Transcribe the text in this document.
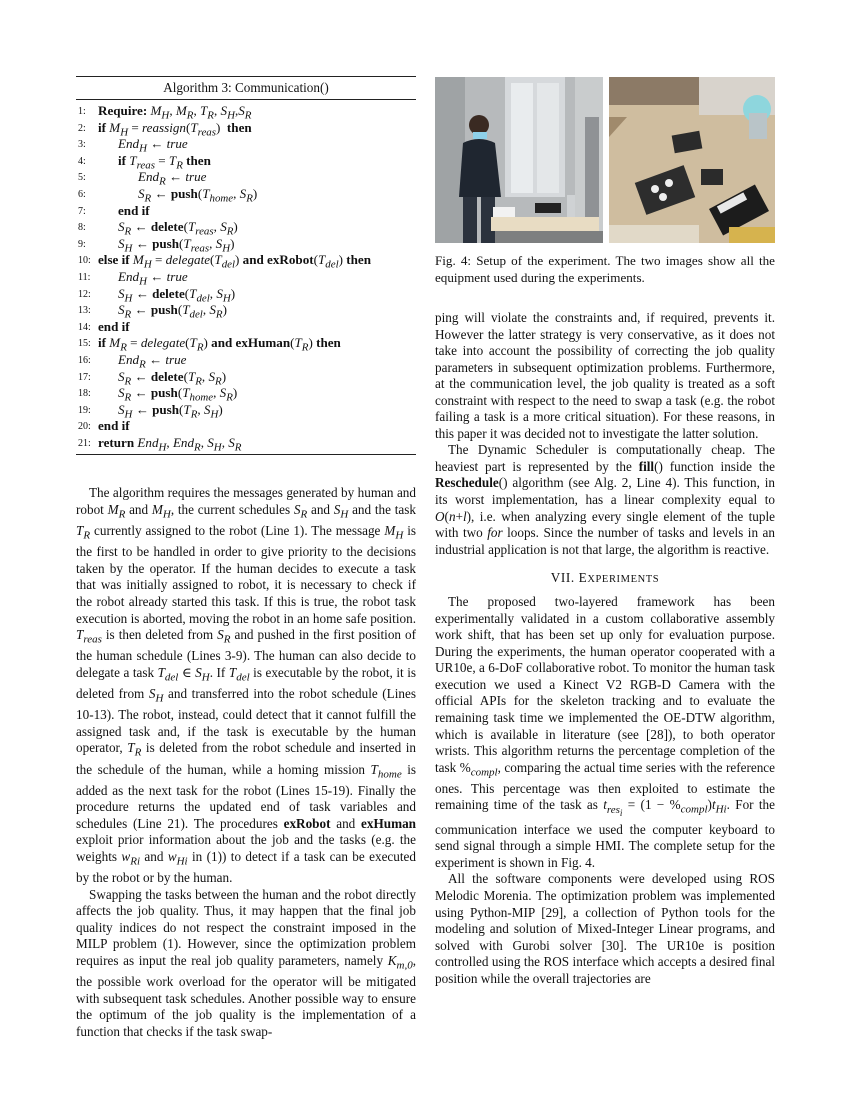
Algorithm 3: Communication()
1: Require: $M_H$, $M_R$, $T_R$, $S_H,S_R$
2: if $M_H$ = $reassign(T_{reas})$  then
3:	End$_H$ ← true
4:	if $T_{reas} = T_R$ then
5:	End$_R$ ← true
6:	$S_R$ ← $push(T_{home}$, $S_R$)
7:	end if
8:	$S_R$ ← $delete(T_{reas}$, $S_R$)
9:	$S_H$ ← $push(T_{reas}$, $S_H$)
10: else if $M_H$ = $delegate(T_{del})$ and $exRobot(T_{del})$ then
11:	End$_H$ ← true
12:	$S_H$ ← $delete(T_{del}$, $S_H$)
13:	$S_R$ ← $push(T_{del}$, $S_R$)
14: end if
15: if $M_R$ = $delegate(T_R)$ and $exHuman(T_R)$ then
16:	End$_R$ ← true
17:	$S_R$ ← $delete(T_R$, $S_R$)
18:	$S_R$ ← $push(T_{home}$, $S_R$)
19:	$S_H$ ← $push(T_R$, $S_H$)
20: end if
21: return End$_H$, End$_R$, $S_H$, $S_R$

The algorithm requires the messages generated by human and robot $M_R$ and $M_H$, the current schedules $S_R$ and $S_H$ and the task $T_R$ currently assigned to the robot (Line 1). The message $M_H$ is the first to be handled in order to give priority to the decisions taken by the operator. If the human decides to execute a task that was initially assigned to robot, it is necessary to check if the robot already started this task. If this is true, the robot task execution is aborted, moving the robot in an home safe position. $T_{reas}$ is then deleted from $S_R$ and pushed in the first position of the human schedule (Lines 3-9). The human can also decide to delegate a task $T_{del}$ ∈ $S_H$. If $T_{del}$ is executable by the robot, it is deleted from $S_H$ and transferred into the robot schedule (Lines 10-13). The robot, instead, could detect that it cannot fulfill the assigned task and, if the task is executable by the human operator, $T_R$ is deleted from the robot schedule and inserted in the schedule of the human, while a homing mission $T_{home}$ is added as the next task for the robot (Lines 15-19). Finally the procedure returns the updated end of task variables and schedules (Line 21). The procedures exRobot and exHuman exploit prior information about the job and the tasks (e.g. the weights $w_{Ri}$ and $w_{Hi}$ in (1)) to detect if a task can be executed by the robot or by the human.

Swapping the tasks between the human and the robot directly affects the job quality. Thus, it may happen that the final job quality indices do not respect the constraint imposed in the MILP problem (1). However, since the optimization problem requires as input the real job quality parameters, namely $K_{m,0}$, the possible work overload for the operator will be mitigated with subsequent task schedules. Another possible way to ensure the optimum of the job quality is the implementation of a function that checks if the task swap-

Fig. 4: Setup of the experiment. The two images show all the equipment used during the experiments.

ping will violate the constraints and, if required, prevents it. However the latter strategy is very conservative, as it does not take into account the possibility of correcting the job quality parameters in subsequent optimization problems. Furthermore, at the communication level, the job quality is treated as a soft constraint with respect to the need to swap a task (e.g. the robot failing a task is a more critical situation). For these reasons, in this paper it was decided not to investigate the latter solution.

The Dynamic Scheduler is computationally cheap. The heaviest part is represented by the fill() function inside the Reschedule() algorithm (see Alg. 2, Line 4). This function, in its worst implementation, has a linear complexity equal to O(n+l), i.e. when analyzing every single element of the tuple with two for loops. Since the number of tasks and levels in an industrial application is not that large, the algorithm is reactive.

VII. EXPERIMENTS

The proposed two-layered framework has been experimentally validated in a custom collaborative assembly work shift, that has been set up only for evaluation purpose. During the experiments, the human operator cooperated with a UR10e, a 6-DoF collaborative robot. To monitor the human task execution we used a Kinect V2 RGB-D Camera with the official APIs for the skeleton tracking and to evaluate the remaining task time we implemented the OE-DTW algorithm, which is available in literature (see [28]), to both operator wrists. This algorithm returns the percentage completion of the task $\%_{compl}$, comparing the actual time series with the reference ones. This percentage was then exploited to estimate the remaining time of the task as $t_{res_i} = (1 - \%_{compl})t_{Hi}$. For the communication interface we used the computer keyboard to send signal through a simple HMI. The complete setup for the experiment is shown in Fig. 4.

All the software components were developed using ROS Melodic Morenia. The optimization problem was implemented using Python-MIP [29], a collection of Python tools for the modeling and solution of Mixed-Integer Linear programs, and solved with Gurobi solver [30]. The UR10e is position controlled using the ROS interface which accepts a desired final position while the overall trajectories are
